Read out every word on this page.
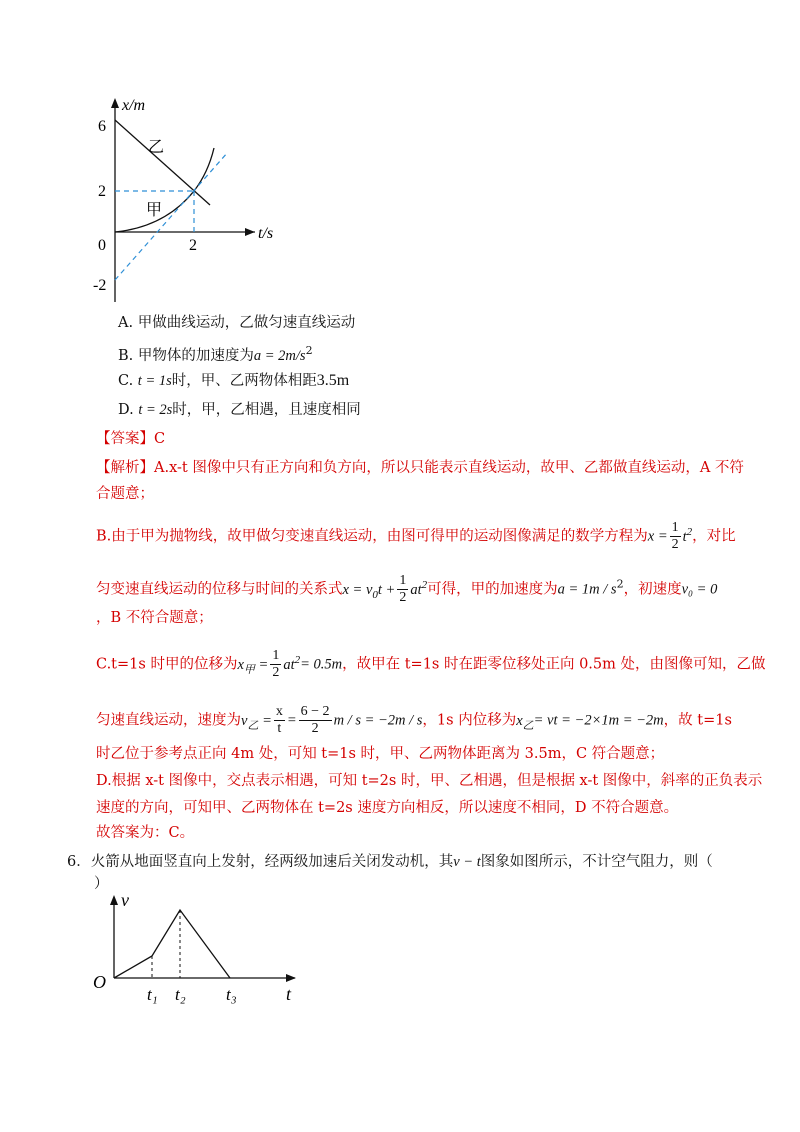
x/m
t/s
6
2
0
-2
2
乙
甲
A. 甲做曲线运动，乙做匀速直线运动
B. 甲物体的加速度为$a = 2m/s^2$
C. t = 1s时，甲、乙两物体相距3.5m
D. t = 2s时，甲，乙相遇，且速度相同
【答案】C
【解析】A.x-t 图像中只有正方向和负方向，所以只能表示直线运动，故甲、乙都做直线运动，A 不符
合题意；
B.由于甲为抛物线，故甲做匀变速直线运动，由图可得甲的运动图像满足的数学方程为$x = \frac{1}{2} t^2$，对比
匀变速直线运动的位移与时间的关系式$x = v_0t + \frac{1}{2} at^2$可得，甲的加速度为$a = 1m / s^2$，初速度v₀ = 0
，B 不符合题意；
C.t=1s 时甲的位移为$x_甲 = \frac{1}{2} at^2= 0.5m$，故甲在 t=1s 时在距零位移处正向 0.5m 处，由图像可知，乙做
匀速直线运动，速度为$v_乙 = \frac{x}{t} = \frac{6 - 2}{2}$ m / s = −2m / s，1s 内位移为$x_乙=$ vt = −2×1m = −2m，故 t=1s
时乙位于参考点正向 4m 处，可知 t=1s 时，甲、乙两物体距离为 3.5m，C 符合题意；
D.根据 x-t 图像中，交点表示相遇，可知 t=2s 时，甲、乙相遇，但是根据 x-t 图像中，斜率的正负表示
速度的方向，可知甲、乙两物体在 t=2s 速度方向相反，所以速度不相同，D 不符合题意。
故答案为：C。
6．火箭从地面竖直向上发射，经两级加速后关闭发动机，其v − t图象如图所示，不计空气阻力，则（
）
v
t
O
t₁ t₂ t₃
